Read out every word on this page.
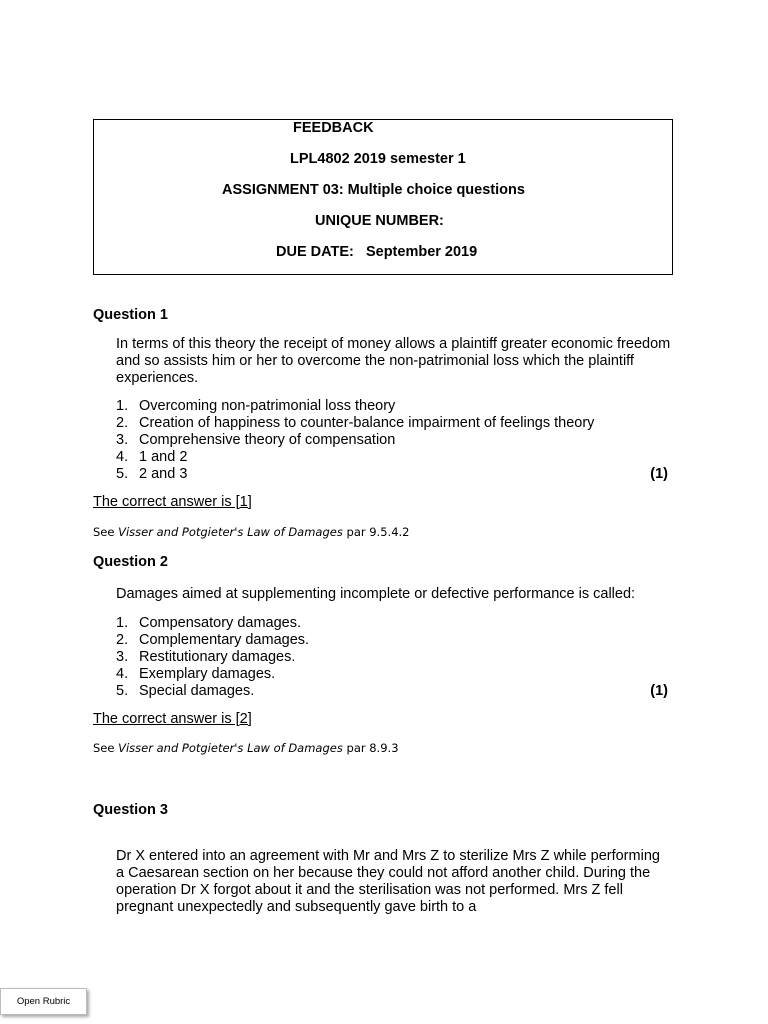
FEEDBACK
LPL4802 2019 semester 1
ASSIGNMENT 03: Multiple choice questions
UNIQUE NUMBER:
DUE DATE:   September 2019
Question 1
In terms of this theory the receipt of money allows a plaintiff greater economic freedom and so assists him or her to overcome the non-patrimonial loss which the plaintiff experiences.
1. Overcoming non-patrimonial loss theory
2. Creation of happiness to counter-balance impairment of feelings theory
3. Comprehensive theory of compensation
4. 1 and 2
5. 2 and 3	(1)
The correct answer is [1]
See Visser and Potgieter's Law of Damages par 9.5.4.2
Question 2
Damages aimed at supplementing incomplete or defective performance is called:
1. Compensatory damages.
2. Complementary damages.
3. Restitutionary damages.
4. Exemplary damages.
5. Special damages.	(1)
The correct answer is [2]
See Visser and Potgieter's Law of Damages par 8.9.3
Question 3
Dr X entered into an agreement with Mr and Mrs Z to sterilize Mrs Z while performing a Caesarean section on her because they could not afford another child. During the operation Dr X forgot about it and the sterilisation was not performed. Mrs Z fell pregnant unexpectedly and subsequently gave birth to a
Open Rubric
